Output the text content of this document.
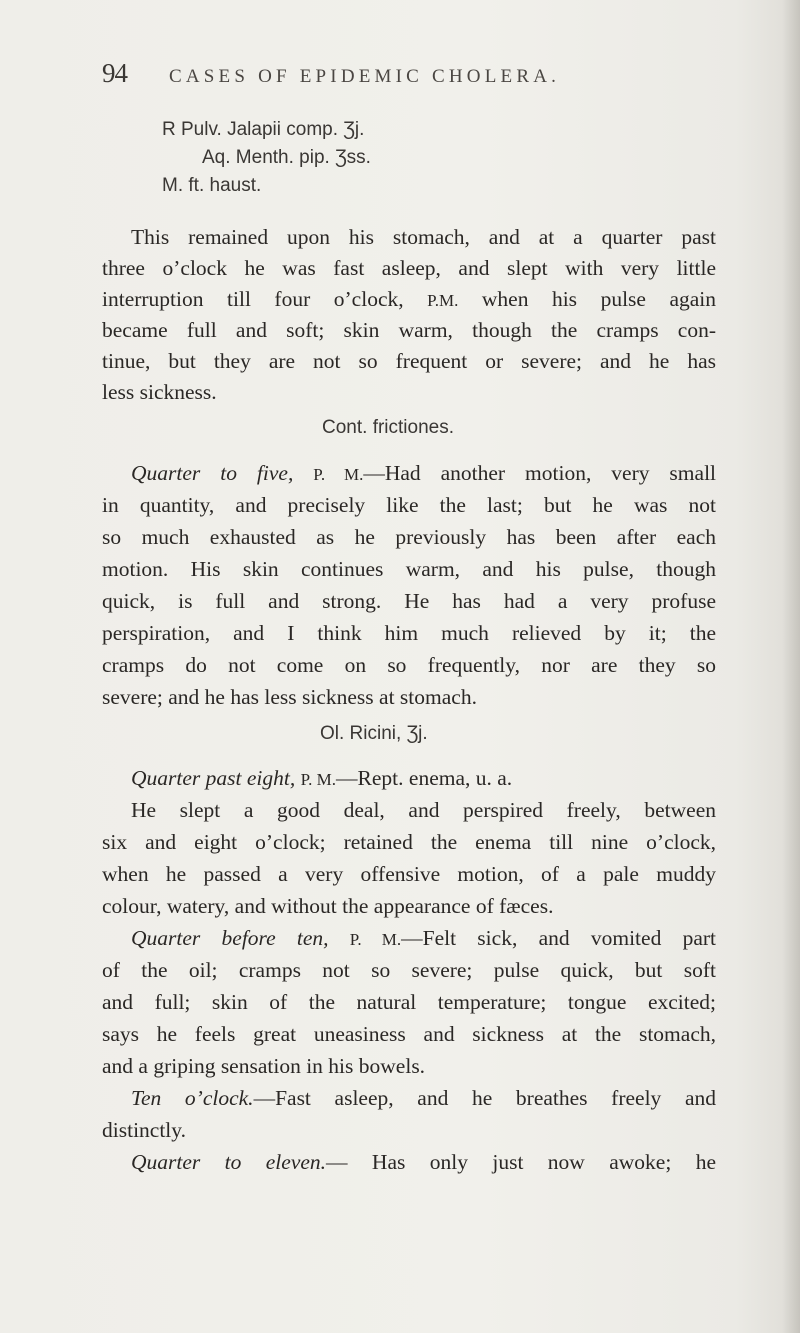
94 CASES OF EPIDEMIC CHOLERA.
R Pulv. Jalapii comp. Ʒj.
Aq. Menth. pip. Ʒss.
M. ft. haust.
This remained upon his stomach, and at a quarter past
three o’clock he was fast asleep, and slept with very little
interruption till four o’clock, P.M. when his pulse again
became full and soft; skin warm, though the cramps con-
tinue, but they are not so frequent or severe; and he has
less sickness.
Cont. frictiones.
Quarter to five, P. M.—Had another motion, very small
in quantity, and precisely like the last; but he was not
so much exhausted as he previously has been after each
motion. His skin continues warm, and his pulse, though
quick, is full and strong. He has had a very profuse
perspiration, and I think him much relieved by it; the
cramps do not come on so frequently, nor are they so
severe; and he has less sickness at stomach.
Ol. Ricini, Ʒj.
Quarter past eight, P. M.—Rept. enema, u. a.
He slept a good deal, and perspired freely, between
six and eight o’clock; retained the enema till nine o’clock,
when he passed a very offensive motion, of a pale muddy
colour, watery, and without the appearance of fæces.
Quarter before ten, P. M.—Felt sick, and vomited part
of the oil; cramps not so severe; pulse quick, but soft
and full; skin of the natural temperature; tongue excited;
says he feels great uneasiness and sickness at the stomach,
and a griping sensation in his bowels.
Ten o’clock.—Fast asleep, and he breathes freely and
distinctly.
Quarter to eleven.— Has only just now awoke; he
